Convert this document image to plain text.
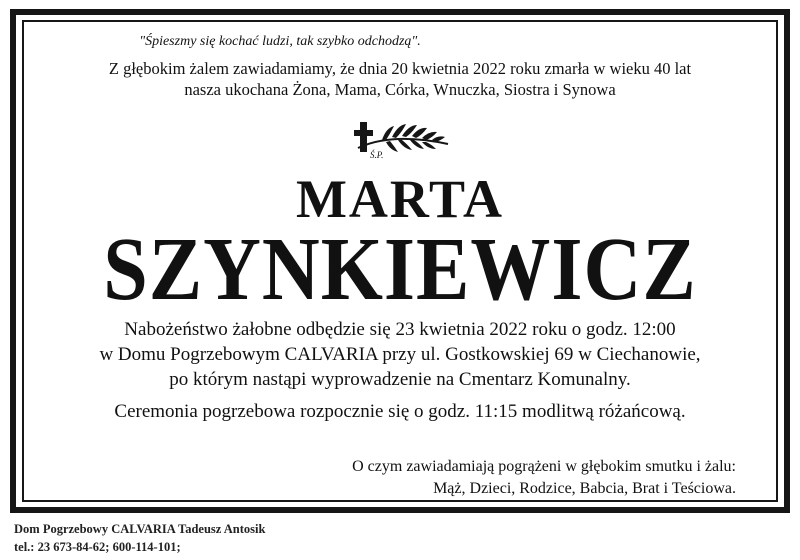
"Śpieszmy się kochać ludzi, tak szybko odchodzą".
Z głębokim żalem zawiadamiamy, że dnia 20 kwietnia 2022 roku zmarła w wieku 40 lat
nasza ukochana Żona, Mama, Córka, Wnuczka, Siostra i Synowa
Ś.P.
MARTA
SZYNKIEWICZ
Nabożeństwo żałobne odbędzie się 23 kwietnia 2022 roku o godz. 12:00
w Domu Pogrzebowym CALVARIA przy ul. Gostkowskiej 69 w Ciechanowie,
po którym nastąpi wyprowadzenie na Cmentarz Komunalny.
Ceremonia pogrzebowa rozpocznie się o godz. 11:15 modlitwą różańcową.
O czym zawiadamiają pogrążeni w głębokim smutku i żalu:
Mąż, Dzieci, Rodzice, Babcia, Brat i Teściowa.
Dom Pogrzebowy CALVARIA Tadeusz Antosik
tel.: 23 673-84-62; 600-114-101;
